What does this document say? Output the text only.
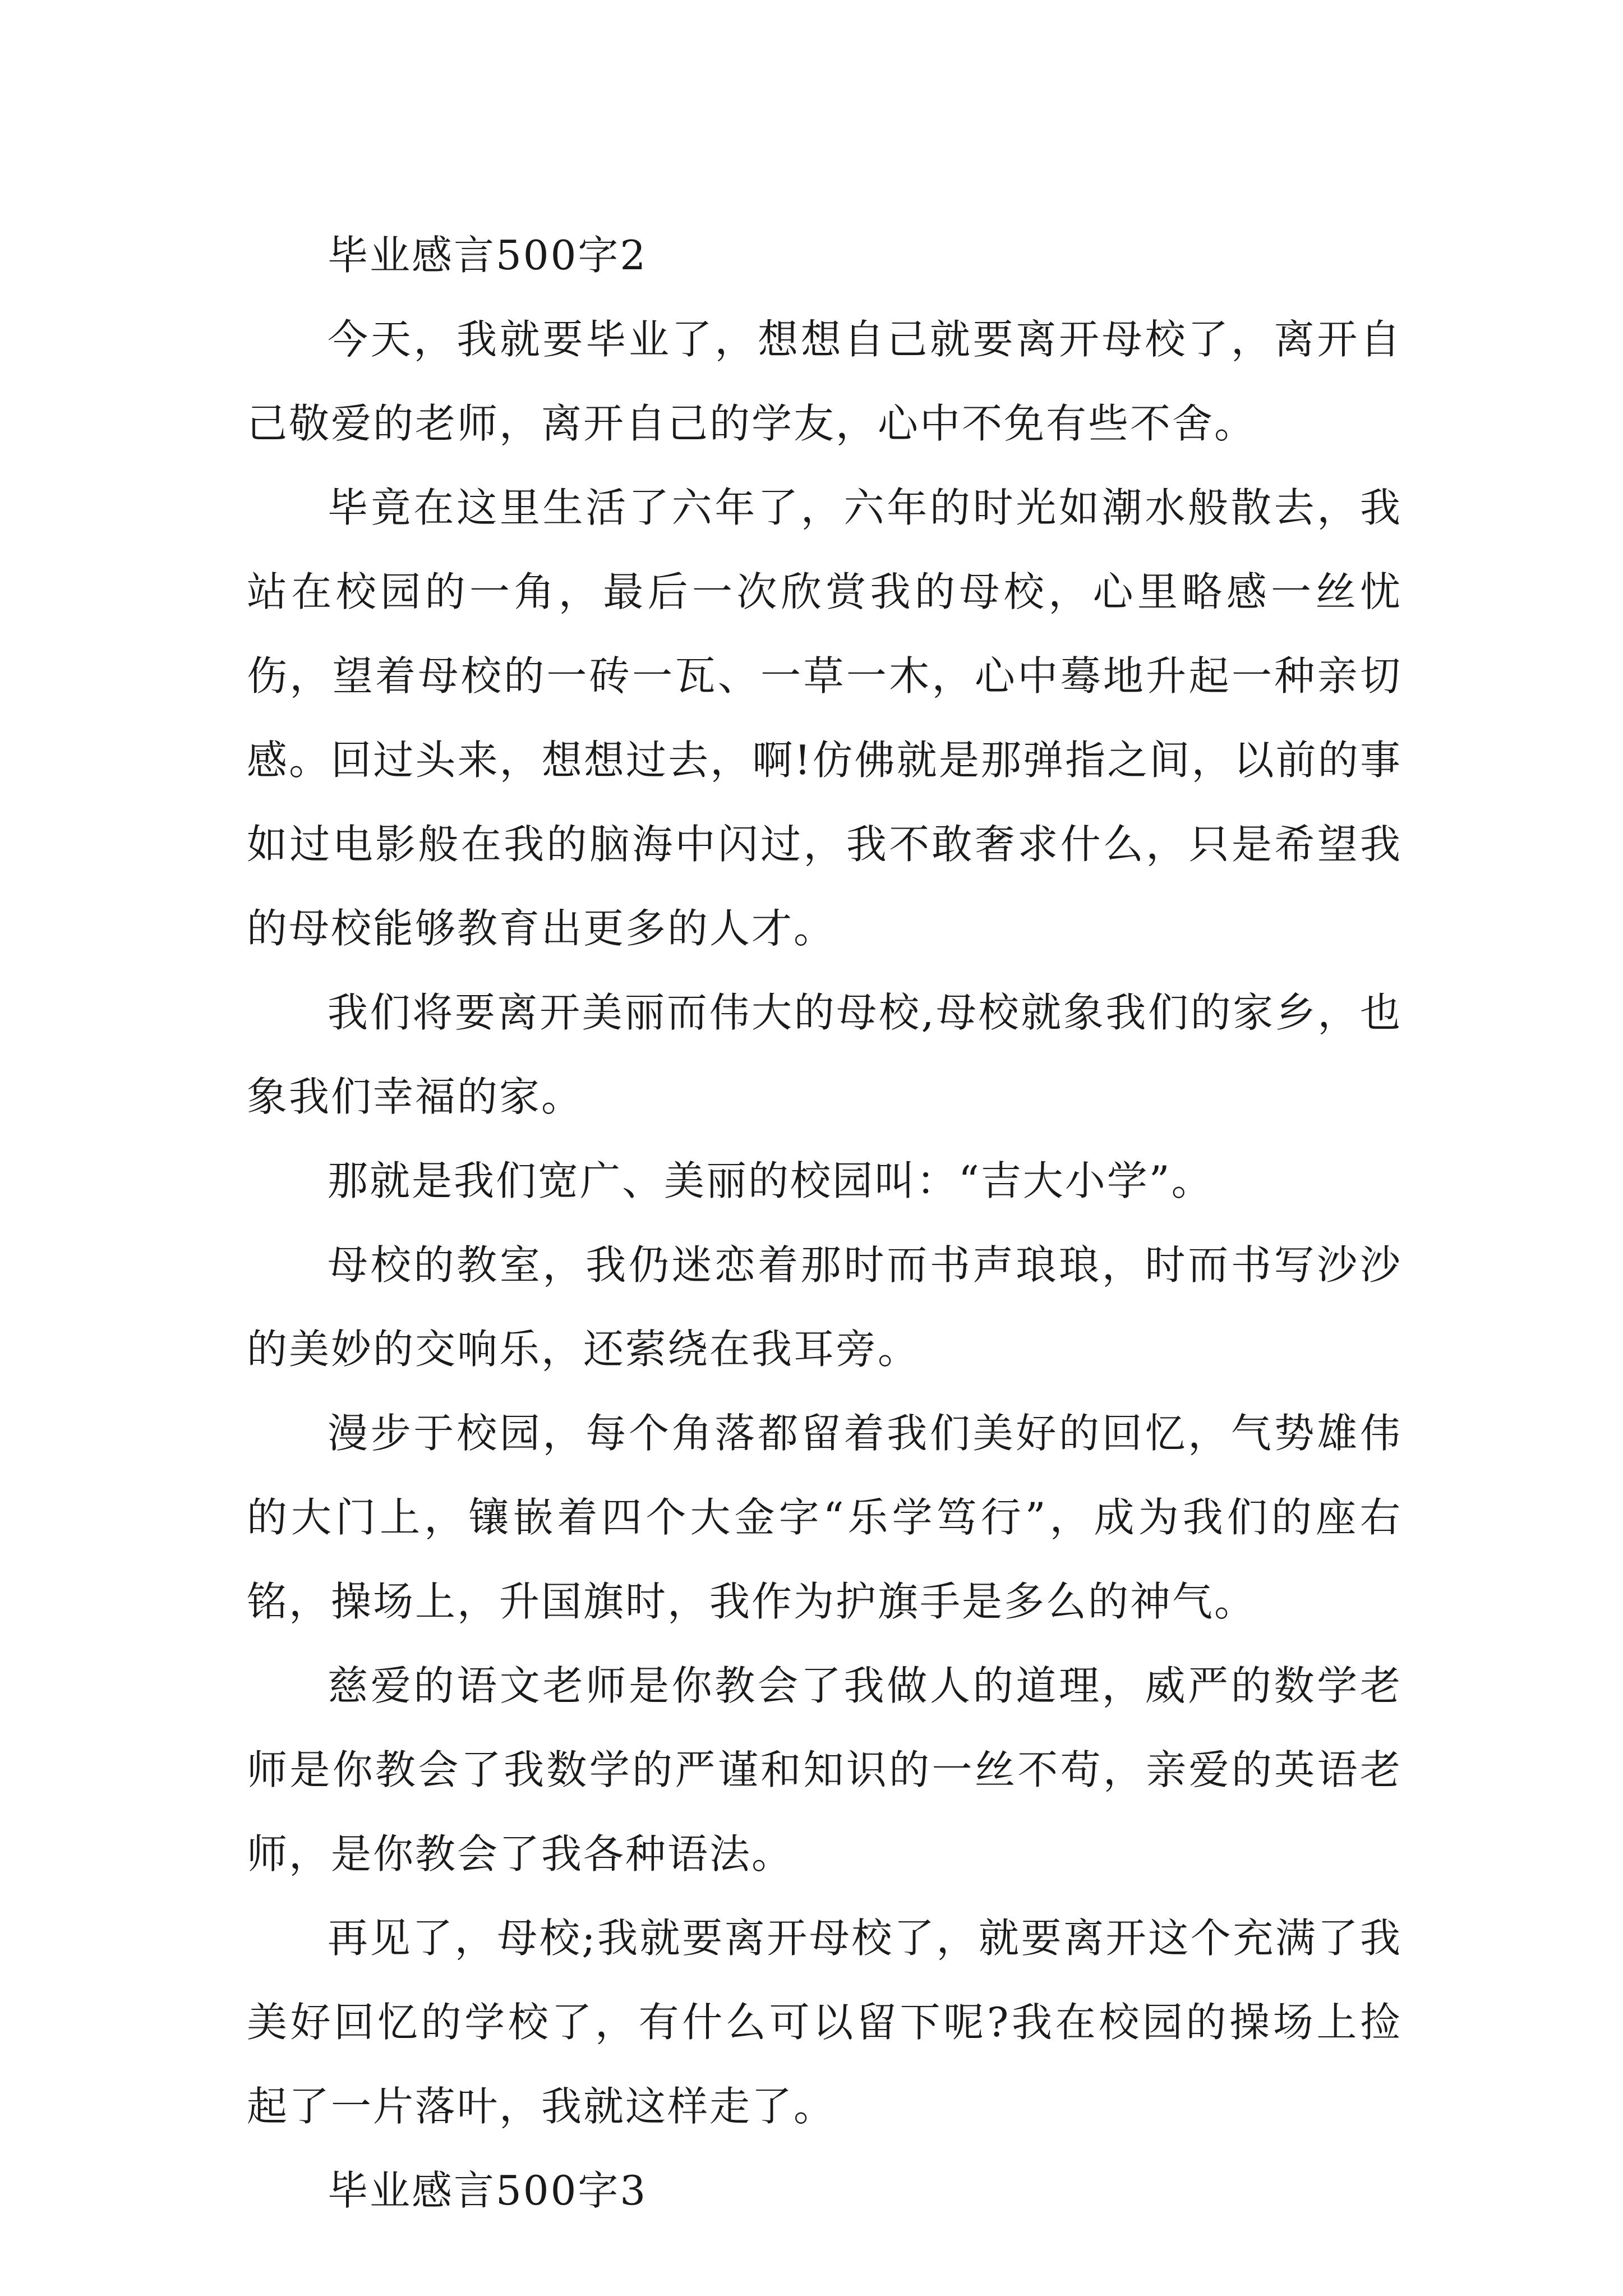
毕业感言500字2

今天，我就要毕业了，想想自己就要离开母校了，离开自己敬爱的老师，离开自己的学友，心中不免有些不舍。

毕竟在这里生活了六年了，六年的时光如潮水般散去，我站在校园的一角，最后一次欣赏我的母校，心里略感一丝忧伤，望着母校的一砖一瓦、一草一木，心中蓦地升起一种亲切感。回过头来，想想过去，啊!仿佛就是那弹指之间，以前的事如过电影般在我的脑海中闪过，我不敢奢求什么，只是希望我的母校能够教育出更多的人才。

我们将要离开美丽而伟大的母校,母校就象我们的家乡，也象我们幸福的家。

那就是我们宽广、美丽的校园叫：“吉大小学”。

母校的教室，我仍迷恋着那时而书声琅琅，时而书写沙沙的美妙的交响乐，还萦绕在我耳旁。

漫步于校园，每个角落都留着我们美好的回忆，气势雄伟的大门上，镶嵌着四个大金字“乐学笃行”，成为我们的座右铭，操场上，升国旗时，我作为护旗手是多么的神气。

慈爱的语文老师是你教会了我做人的道理，威严的数学老师是你教会了我数学的严谨和知识的一丝不苟，亲爱的英语老师，是你教会了我各种语法。

再见了，母校;我就要离开母校了，就要离开这个充满了我美好回忆的学校了，有什么可以留下呢?我在校园的操场上捡起了一片落叶，我就这样走了。

毕业感言500字3
